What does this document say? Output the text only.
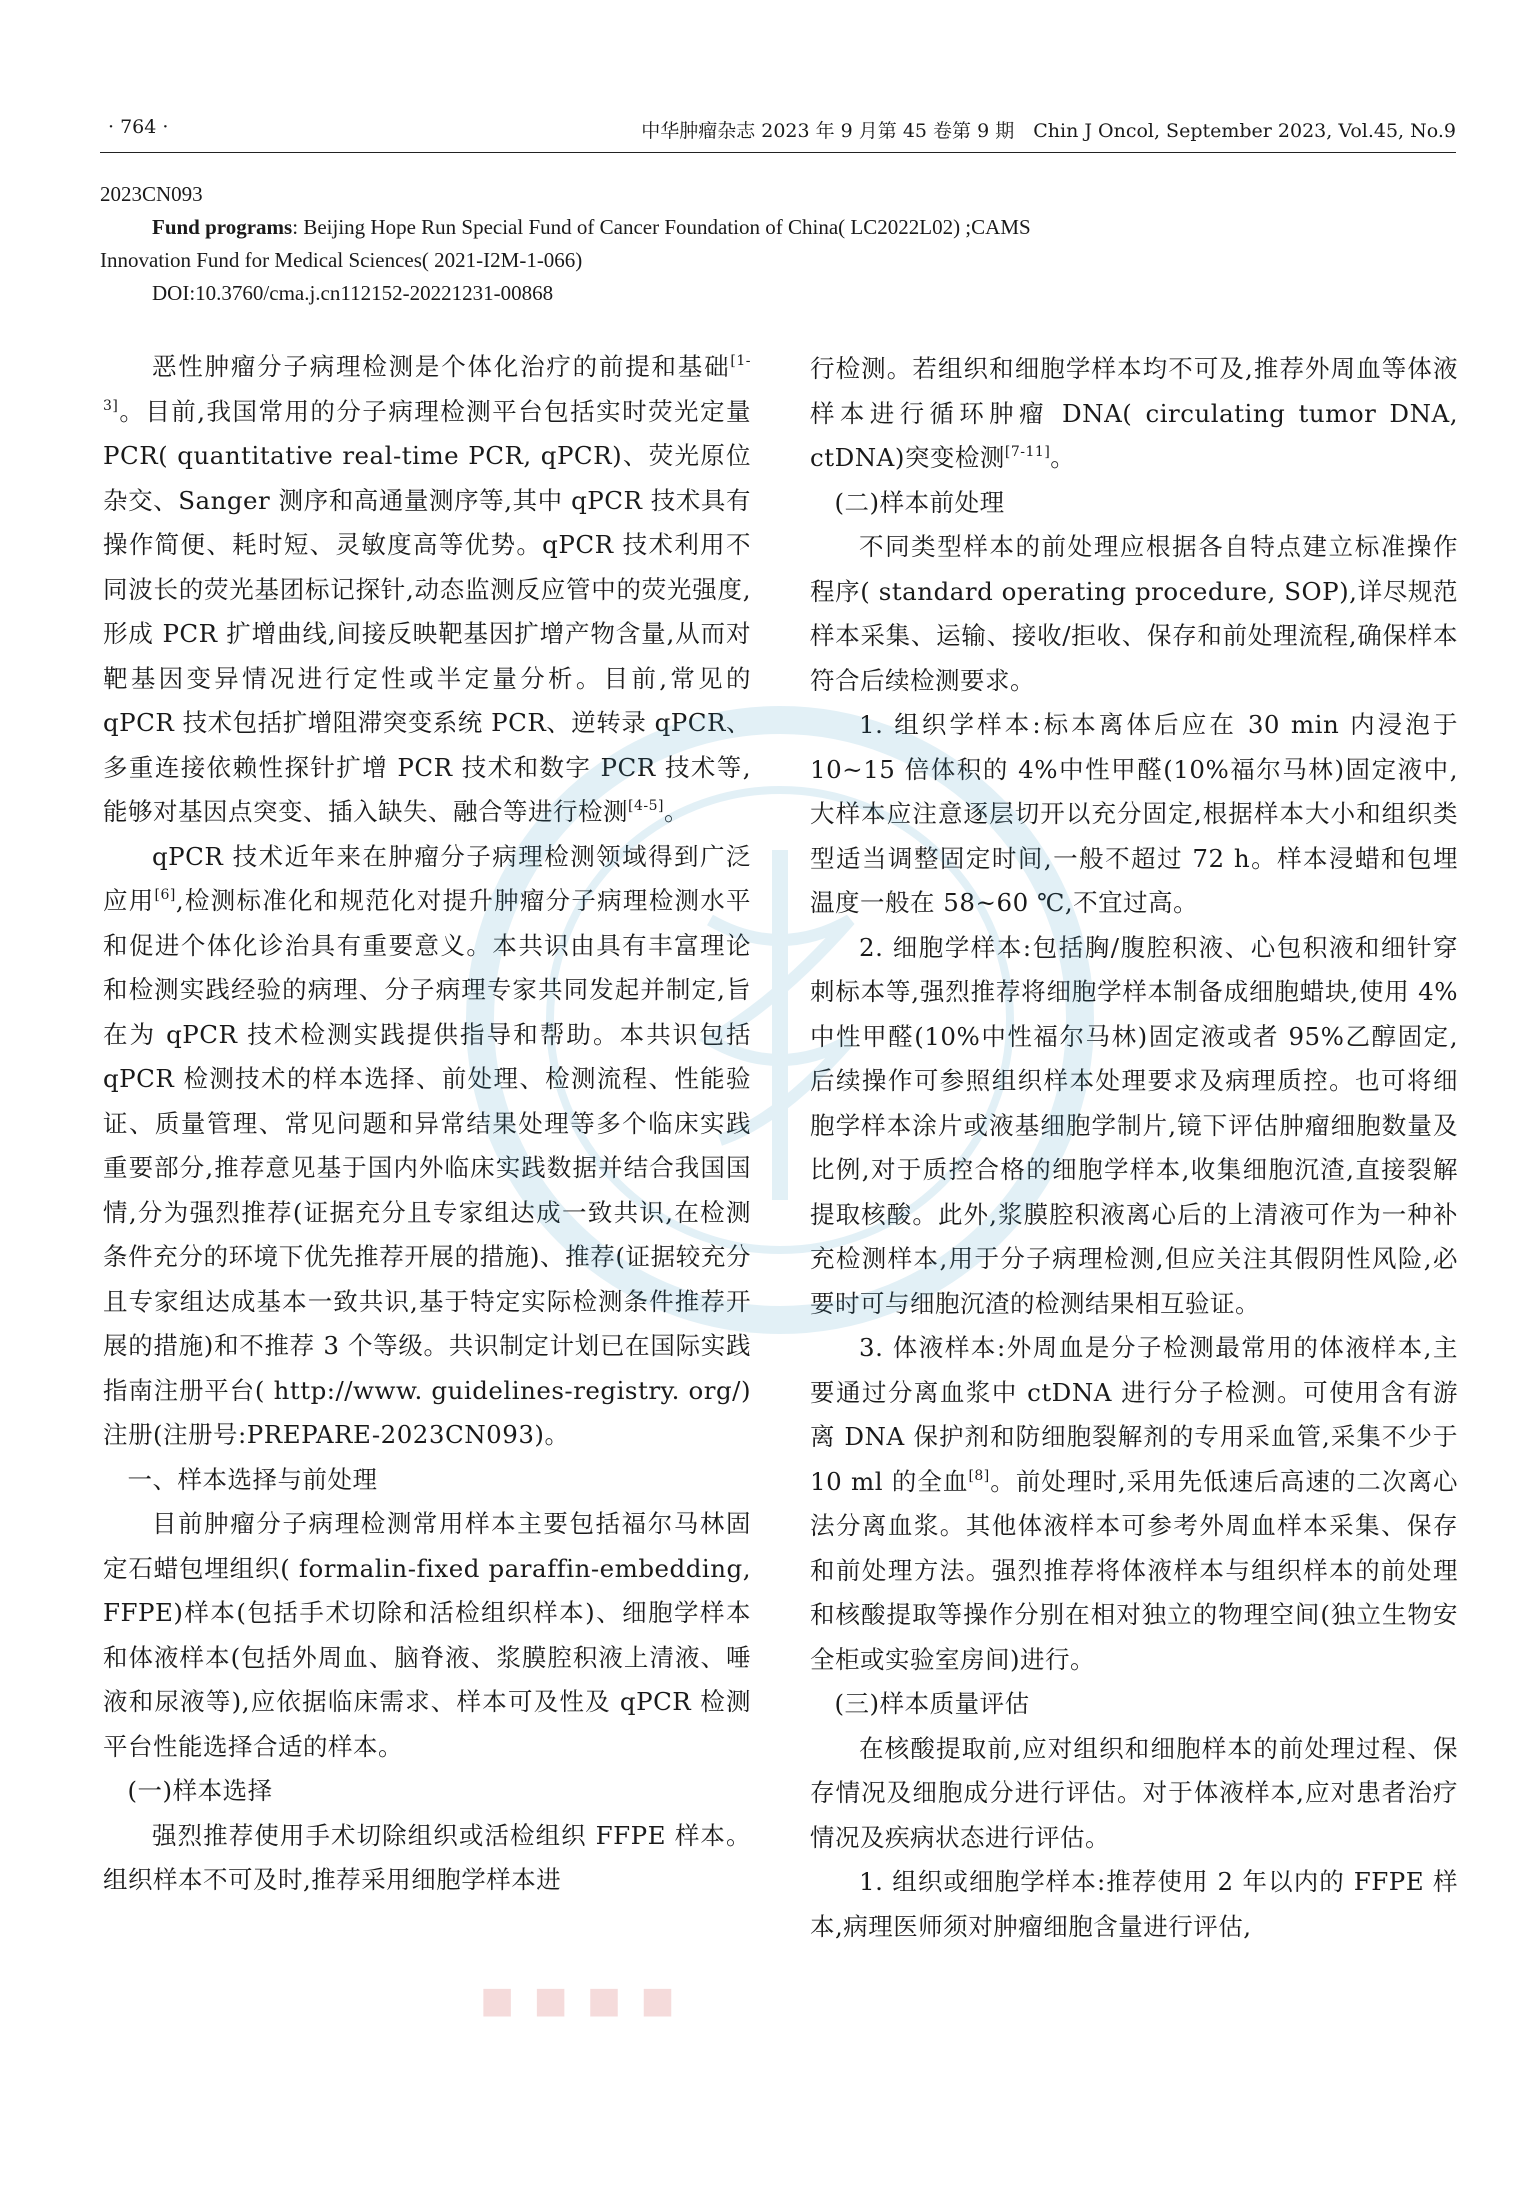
· 764 ·	中华肿瘤杂志 2023 年 9 月第 45 卷第 9 期　Chin J Oncol, September 2023, Vol.45, No.9
2023CN093
Fund programs: Beijing Hope Run Special Fund of Cancer Foundation of China( LC2022L02) ;CAMS
Innovation Fund for Medical Sciences( 2021-I2M-1-066)
DOI:10.3760/cma.j.cn112152-20221231-00868

恶性肿瘤分子病理检测是个体化治疗的前提和基础[1-3]。目前,我国常用的分子病理检测平台包括实时荧光定量 PCR( quantitative real-time PCR, qPCR)、荧光原位杂交、Sanger 测序和高通量测序等,其中 qPCR 技术具有操作简便、耗时短、灵敏度高等优势。qPCR 技术利用不同波长的荧光基团标记探针,动态监测反应管中的荧光强度,形成 PCR 扩增曲线,间接反映靶基因扩增产物含量,从而对靶基因变异情况进行定性或半定量分析。目前,常见的 qPCR 技术包括扩增阻滞突变系统 PCR、逆转录 qPCR、多重连接依赖性探针扩增 PCR 技术和数字 PCR 技术等,能够对基因点突变、插入缺失、融合等进行检测[4-5]。

qPCR 技术近年来在肿瘤分子病理检测领域得到广泛应用[6],检测标准化和规范化对提升肿瘤分子病理检测水平和促进个体化诊治具有重要意义。本共识由具有丰富理论和检测实践经验的病理、分子病理专家共同发起并制定,旨在为 qPCR 技术检测实践提供指导和帮助。本共识包括 qPCR 检测技术的样本选择、前处理、检测流程、性能验证、质量管理、常见问题和异常结果处理等多个临床实践重要部分,推荐意见基于国内外临床实践数据并结合我国国情,分为强烈推荐(证据充分且专家组达成一致共识,在检测条件充分的环境下优先推荐开展的措施)、推荐(证据较充分且专家组达成基本一致共识,基于特定实际检测条件推荐开展的措施)和不推荐 3 个等级。共识制定计划已在国际实践指南注册平台( http://www. guidelines-registry. org/) 注册(注册号:PREPARE-2023CN093)。

一、样本选择与前处理

目前肿瘤分子病理检测常用样本主要包括福尔马林固定石蜡包埋组织( formalin-fixed paraffin-embedding, FFPE)样本(包括手术切除和活检组织样本)、细胞学样本和体液样本(包括外周血、脑脊液、浆膜腔积液上清液、唾液和尿液等),应依据临床需求、样本可及性及 qPCR 检测平台性能选择合适的样本。

(一)样本选择

强烈推荐使用手术切除组织或活检组织 FFPE 样本。组织样本不可及时,推荐采用细胞学样本进

行检测。若组织和细胞学样本均不可及,推荐外周血等体液样本进行循环肿瘤 DNA( circulating tumor DNA, ctDNA)突变检测[7-11]。

(二)样本前处理

不同类型样本的前处理应根据各自特点建立标准操作程序( standard operating procedure, SOP),详尽规范样本采集、运输、接收/拒收、保存和前处理流程,确保样本符合后续检测要求。

1. 组织学样本:标本离体后应在 30 min 内浸泡于 10~15 倍体积的 4%中性甲醛(10%福尔马林)固定液中,大样本应注意逐层切开以充分固定,根据样本大小和组织类型适当调整固定时间,一般不超过 72 h。样本浸蜡和包埋温度一般在 58~60 ℃,不宜过高。

2. 细胞学样本:包括胸/腹腔积液、心包积液和细针穿刺标本等,强烈推荐将细胞学样本制备成细胞蜡块,使用 4%中性甲醛(10%中性福尔马林)固定液或者 95%乙醇固定,后续操作可参照组织样本处理要求及病理质控。也可将细胞学样本涂片或液基细胞学制片,镜下评估肿瘤细胞数量及比例,对于质控合格的细胞学样本,收集细胞沉渣,直接裂解提取核酸。此外,浆膜腔积液离心后的上清液可作为一种补充检测样本,用于分子病理检测,但应关注其假阴性风险,必要时可与细胞沉渣的检测结果相互验证。

3. 体液样本:外周血是分子检测最常用的体液样本,主要通过分离血浆中 ctDNA 进行分子检测。可使用含有游离 DNA 保护剂和防细胞裂解剂的专用采血管,采集不少于 10 ml 的全血[8]。前处理时,采用先低速后高速的二次离心法分离血浆。其他体液样本可参考外周血样本采集、保存和前处理方法。强烈推荐将体液样本与组织样本的前处理和核酸提取等操作分别在相对独立的物理空间(独立生物安全柜或实验室房间)进行。

(三)样本质量评估

在核酸提取前,应对组织和细胞样本的前处理过程、保存情况及细胞成分进行评估。对于体液样本,应对患者治疗情况及疾病状态进行评估。

1. 组织或细胞学样本:推荐使用 2 年以内的 FFPE 样本,病理医师须对肿瘤细胞含量进行评估,

■ ■ ■ ■
